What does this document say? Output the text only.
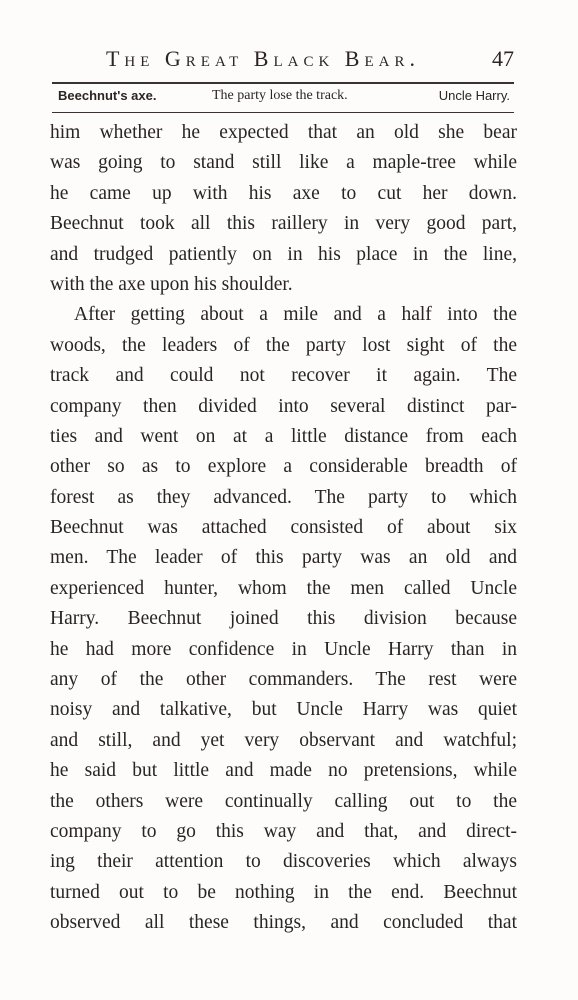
The Great Black Bear.	47
Beechnut's axe.	The party lose the track.	Uncle Harry.
him whether he expected that an old she bear
was going to stand still like a maple-tree while
he came up with his axe to cut her down.
Beechnut took all this raillery in very good part,
and trudged patiently on in his place in the line,
with the axe upon his shoulder.
After getting about a mile and a half into the
woods, the leaders of the party lost sight of the
track and could not recover it again. The
company then divided into several distinct par-
ties and went on at a little distance from each
other so as to explore a considerable breadth of
forest as they advanced. The party to which
Beechnut was attached consisted of about six
men. The leader of this party was an old and
experienced hunter, whom the men called Uncle
Harry. Beechnut joined this division because
he had more confidence in Uncle Harry than in
any of the other commanders. The rest were
noisy and talkative, but Uncle Harry was quiet
and still, and yet very observant and watchful;
he said but little and made no pretensions, while
the others were continually calling out to the
company to go this way and that, and direct-
ing their attention to discoveries which always
turned out to be nothing in the end. Beechnut
observed all these things, and concluded that
